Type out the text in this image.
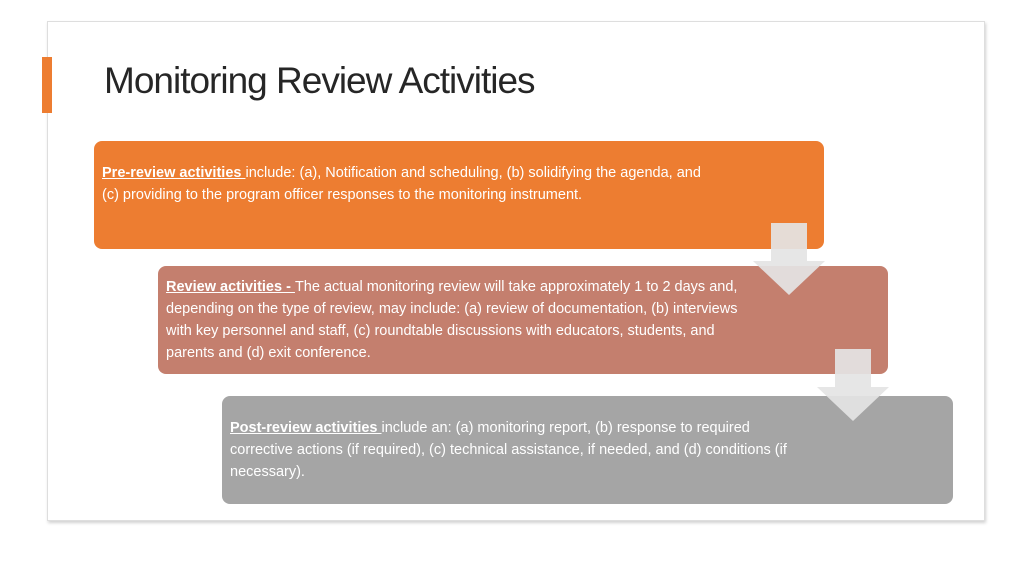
Monitoring Review Activities
Pre-review activities include: (a), Notification and scheduling, (b) solidifying the agenda, and (c) providing to the program officer responses to the monitoring instrument.
Review activities - The actual monitoring review will take approximately 1 to 2 days and, depending on the type of review, may include: (a) review of documentation, (b) interviews with key personnel and staff, (c) roundtable discussions with educators, students, and parents and (d) exit conference.
Post-review activities include an: (a) monitoring report, (b) response to required corrective actions (if required), (c) technical assistance, if needed, and (d) conditions (if necessary).
